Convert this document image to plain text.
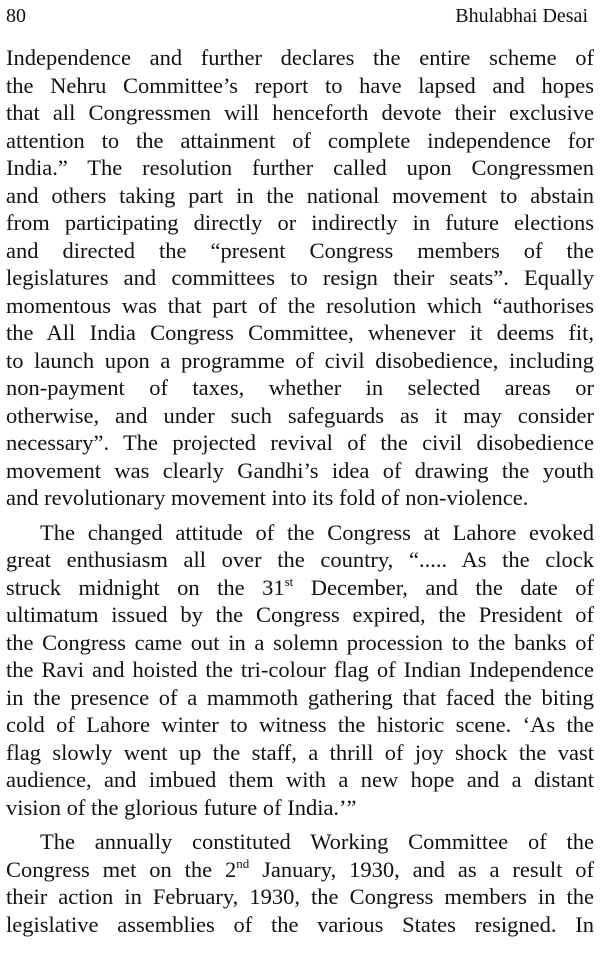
80	Bhulabhai Desai
Independence and further declares the entire scheme of
the Nehru Committee’s report to have lapsed and hopes
that all Congressmen will henceforth devote their exclusive
attention to the attainment of complete independence for
India.” The resolution further called upon Congressmen
and others taking part in the national movement to abstain
from participating directly or indirectly in future elections
and directed the “present Congress members of the
legislatures and committees to resign their seats”. Equally
momentous was that part of the resolution which “authorises
the All India Congress Committee, whenever it deems fit,
to launch upon a programme of civil disobedience, including
non-payment of taxes, whether in selected areas or
otherwise, and under such safeguards as it may consider
necessary”. The projected revival of the civil disobedience
movement was clearly Gandhi’s idea of drawing the youth
and revolutionary movement into its fold of non-violence.
The changed attitude of the Congress at Lahore evoked
great enthusiasm all over the country, “..... As the clock
struck midnight on the 31st December, and the date of
ultimatum issued by the Congress expired, the President of
the Congress came out in a solemn procession to the banks of
the Ravi and hoisted the tri-colour flag of Indian Independence
in the presence of a mammoth gathering that faced the biting
cold of Lahore winter to witness the historic scene. ‘As the
flag slowly went up the staff, a thrill of joy shock the vast
audience, and imbued them with a new hope and a distant
vision of the glorious future of India.’”
The annually constituted Working Committee of the
Congress met on the 2nd January, 1930, and as a result of
their action in February, 1930, the Congress members in the
legislative assemblies of the various States resigned. In
